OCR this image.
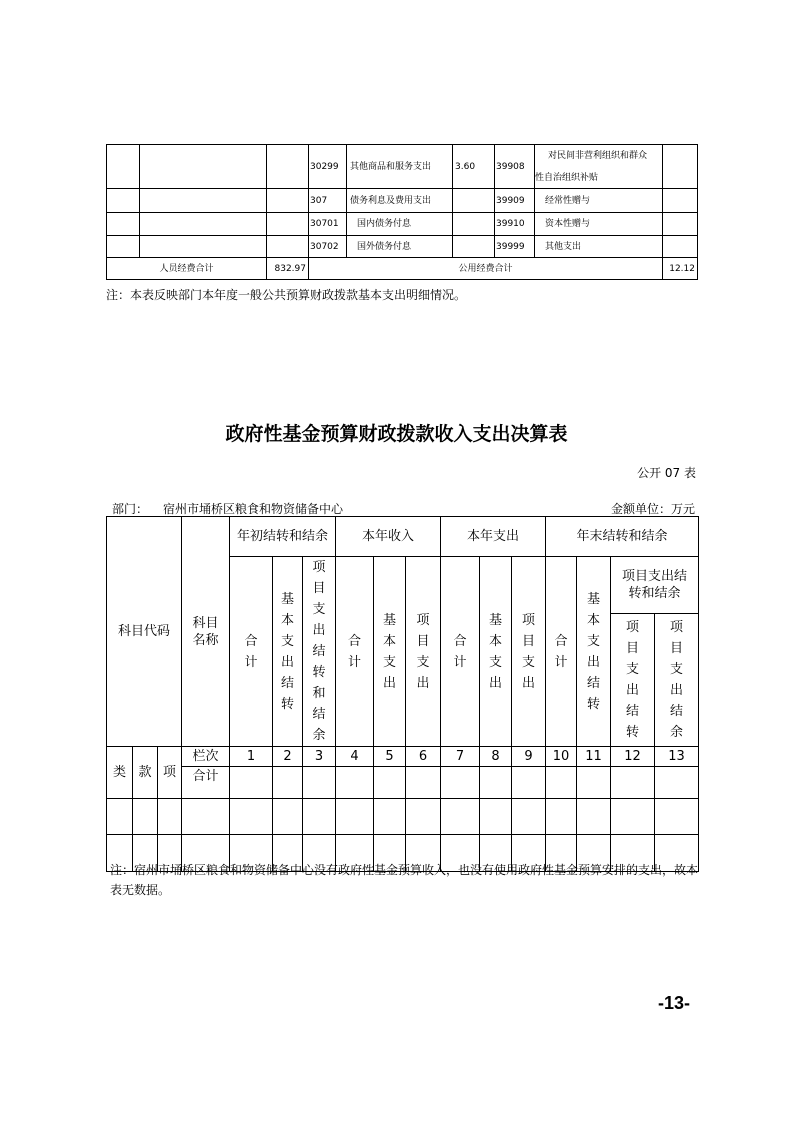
			30299	其他商品和服务支出	3.60	39908	对民间非营利组织和群众
性自治组织补贴	

			307	债务利息及费用支出		39909	经常性赠与	
			30701	国内债务付息		39910	资本性赠与	
			30702	国外债务付息		39999	其他支出	
人员经费合计		832.97	公用经费合计					12.12
注：本表反映部门本年度一般公共预算财政拨款基本支出明细情况。
政府性基金预算财政拨款收入支出决算表
公开 07 表
部门： 宿州市埇桥区粮食和物资储备中心	金额单位：万元
科目代码			科目名称	年初结转和结余			本年收入			本年支出			年末结转和结余			

				合计	基本支出结转	项目支出结转和结余	合计	基本支出	项目支出	合计	基本支出	项目支出	合计	基本支出结转	项目支出结转和结余	

															项目支出结转	项目支出结余

类	款	项	栏次	1	2	3	4	5	6	7	8	9	10	11	12	13
			合计													

注：宿州市埇桥区粮食和物资储备中心没有政府性基金预算收入，也没有使用政府性基金预算安排的支出，故本表无数据。
-13-
